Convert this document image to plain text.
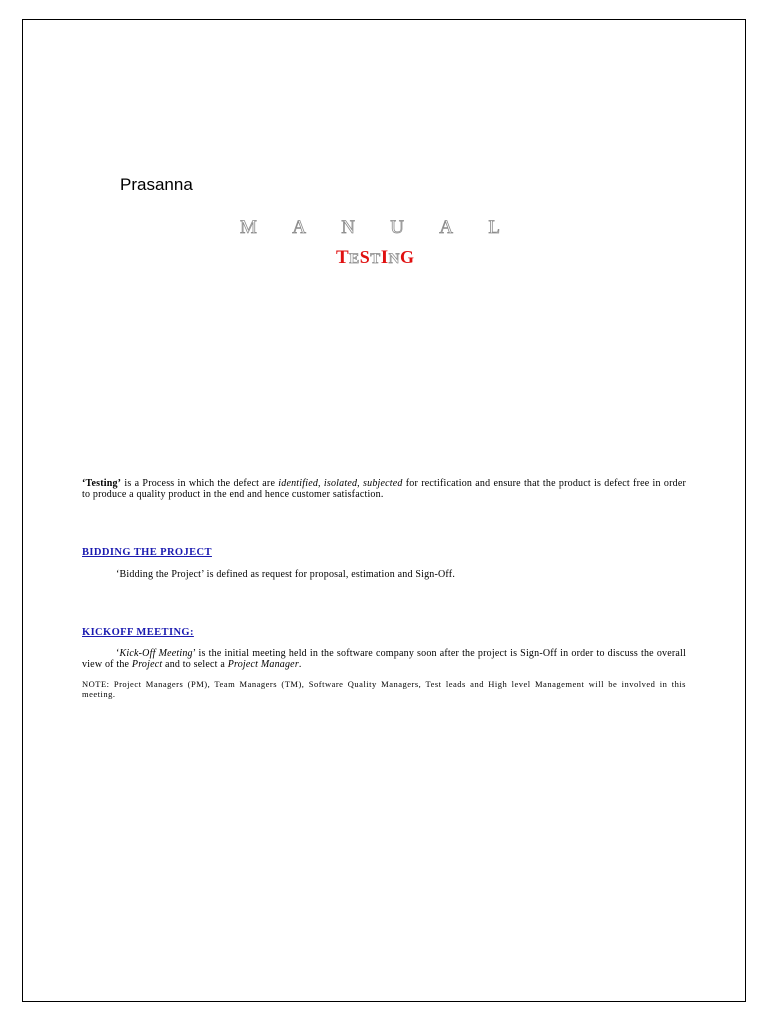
Prasanna
M A N U A L
TESTING
‘Testing’ is a Process in which the defect are identified, isolated, subjected for rectification and ensure that the product is defect free in order to produce a quality product in the end and hence customer satisfaction.
BIDDING THE PROJECT
‘Bidding the Project’ is defined as request for proposal, estimation and Sign-Off.
KICKOFF MEETING:
‘Kick-Off Meeting’ is the initial meeting held in the software company soon after the project is Sign-Off in order to discuss the overall view of the Project and to select a Project Manager.
NOTE: Project Managers (PM), Team Managers (TM), Software Quality Managers, Test leads and High level Management will be involved in this meeting.
